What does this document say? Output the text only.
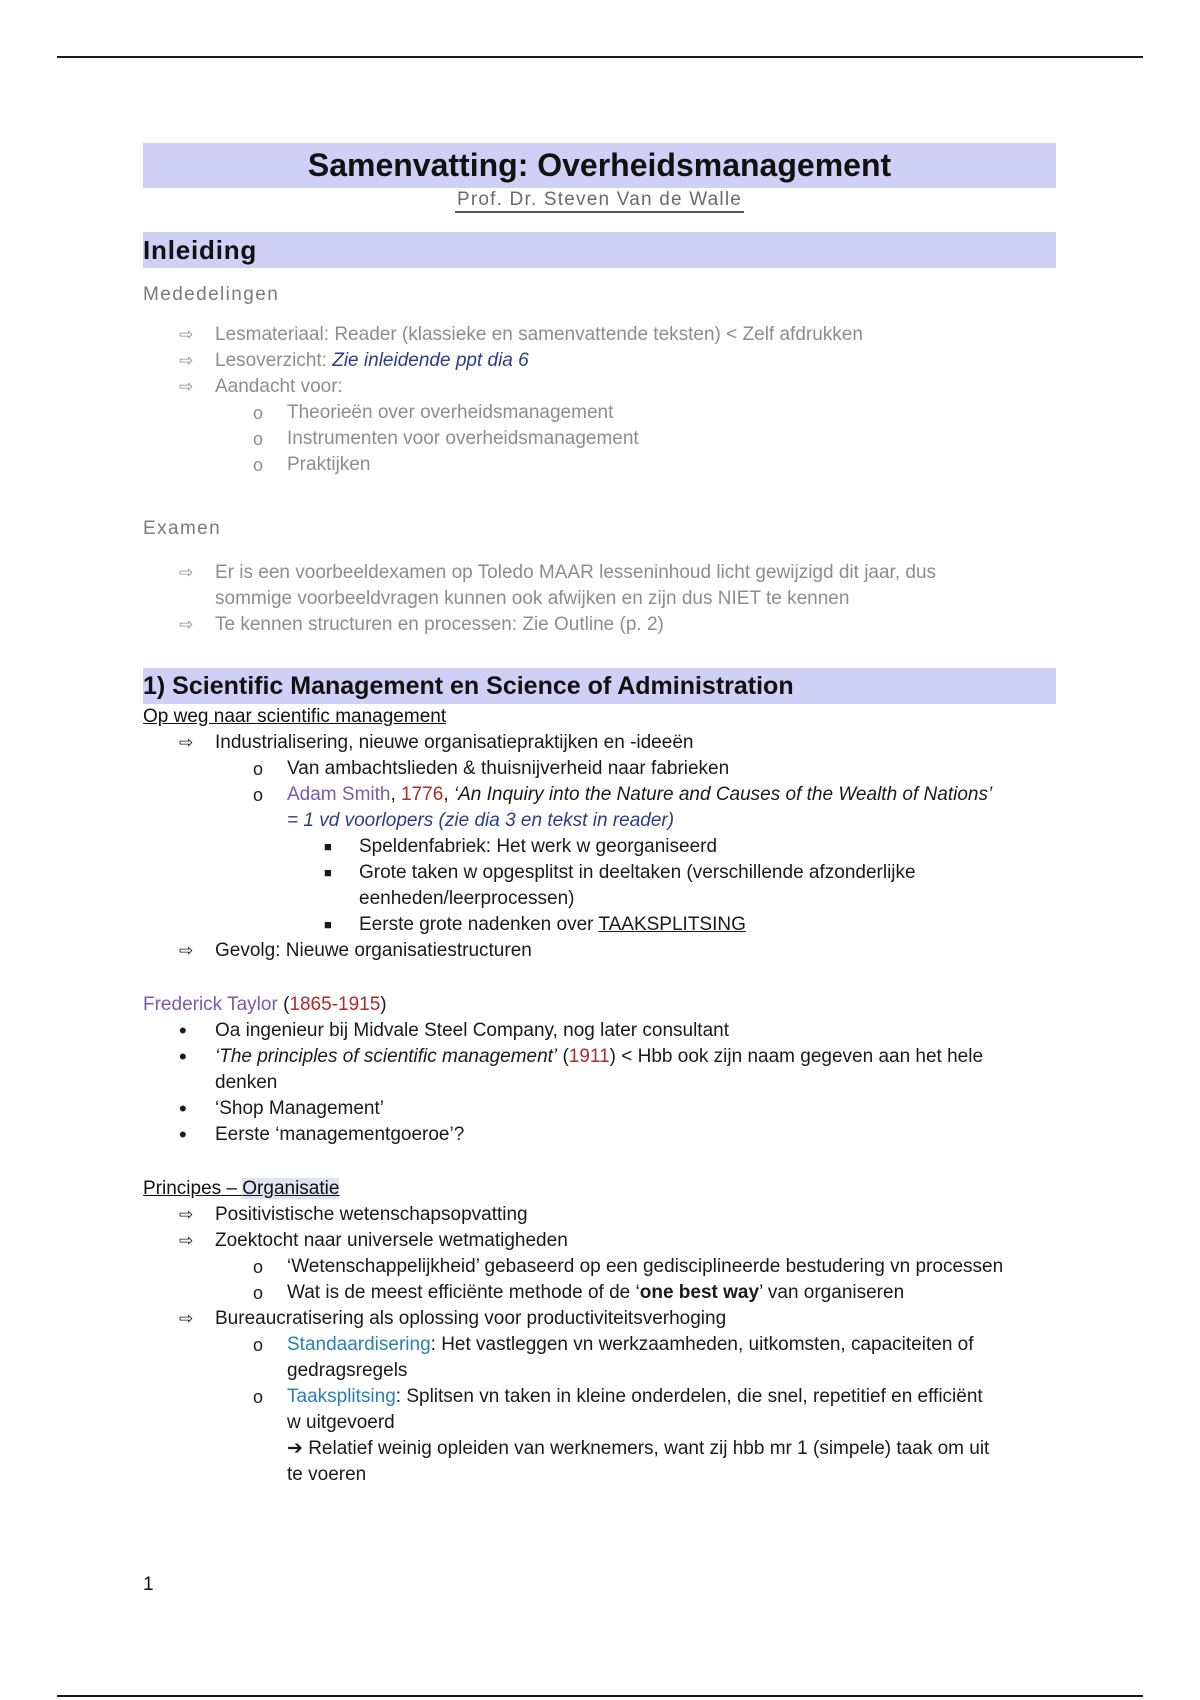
Samenvatting: Overheidsmanagement
Prof. Dr. Steven Van de Walle
Inleiding
Mededelingen
⇨ Lesmateriaal: Reader (klassieke en samenvattende teksten) < Zelf afdrukken
⇨ Lesoverzicht: Zie inleidende ppt dia 6
⇨ Aandacht voor:
o Theorieën over overheidsmanagement
o Instrumenten voor overheidsmanagement
o Praktijken
Examen
⇨ Er is een voorbeeldexamen op Toledo MAAR lesseninhoud licht gewijzigd dit jaar, dus
sommige voorbeeldvragen kunnen ook afwijken en zijn dus NIET te kennen
⇨ Te kennen structuren en processen: Zie Outline (p. 2)
1) Scientific Management en Science of Administration
Op weg naar scientific management
⇨ Industrialisering, nieuwe organisatiepraktijken en -ideeën
o Van ambachtslieden & thuisnijverheid naar fabrieken
o Adam Smith, 1776, ‘An Inquiry into the Nature and Causes of the Wealth of Nations’
= 1 vd voorlopers (zie dia 3 en tekst in reader)
■ Speldenfabriek: Het werk w georganiseerd
■ Grote taken w opgesplitst in deeltaken (verschillende afzonderlijke
eenheden/leerprocessen)
■ Eerste grote nadenken over TAAKSPLITSING
⇨ Gevolg: Nieuwe organisatiestructuren
Frederick Taylor (1865-1915)
• Oa ingenieur bij Midvale Steel Company, nog later consultant
• ‘The principles of scientific management’ (1911) < Hbb ook zijn naam gegeven aan het hele
denken
• ‘Shop Management’
• Eerste ‘managementgoeroe’?
Principes – Organisatie
⇨ Positivistische wetenschapsopvatting
⇨ Zoektocht naar universele wetmatigheden
o ‘Wetenschappelijkheid’ gebaseerd op een gedisciplineerde bestudering vn processen
o Wat is de meest efficiënte methode of de ‘one best way’ van organiseren
⇨ Bureaucratisering als oplossing voor productiviteitsverhoging
o Standaardisering: Het vastleggen vn werkzaamheden, uitkomsten, capaciteiten of
gedragsregels
o Taaksplitsing: Splitsen vn taken in kleine onderdelen, die snel, repetitief en efficiënt
w uitgevoerd
➔ Relatief weinig opleiden van werknemers, want zij hbb mr 1 (simpele) taak om uit
te voeren
1
